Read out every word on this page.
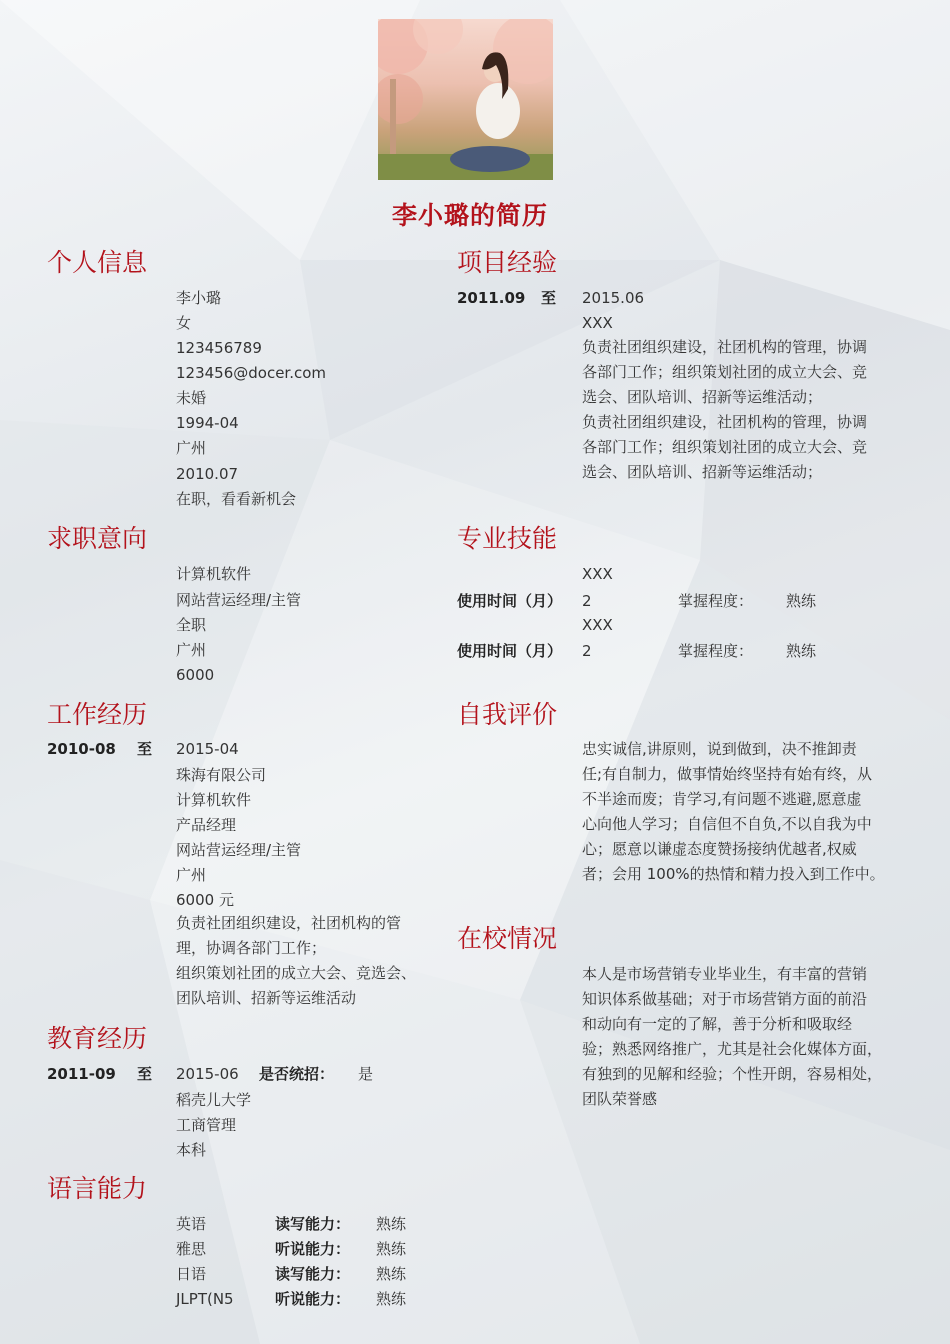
李小璐的简历
个人信息
李小璐
女
123456789
123456@docer.com
未婚
1994-04
广州
2010.07
在职，看看新机会
求职意向
计算机软件
网站营运经理/主管
全职
广州
6000
工作经历
2010-08 至 2015-04
珠海有限公司
计算机软件
产品经理
网站营运经理/主管
广州
6000 元
负责社团组织建设，社团机构的管
理，协调各部门工作；
组织策划社团的成立大会、竞选会、
团队培训、招新等运维活动
教育经历
2011-09 至 2015-06 是否统招： 是
稻壳儿大学
工商管理
本科
语言能力
英语	读写能力： 熟练
雅思	听说能力： 熟练
日语	读写能力： 熟练
JLPT(N5	听说能力： 熟练
项目经验
2011.09 至 2015.06
XXX
负责社团组织建设，社团机构的管理，协调
各部门工作；组织策划社团的成立大会、竞
选会、团队培训、招新等运维活动；
负责社团组织建设，社团机构的管理，协调
各部门工作；组织策划社团的成立大会、竞
选会、团队培训、招新等运维活动；
专业技能
XXX
使用时间（月） 2	掌握程度： 熟练
XXX
使用时间（月） 2	掌握程度： 熟练
自我评价
忠实诚信,讲原则，说到做到，决不推卸责
任;有自制力，做事情始终坚持有始有终，从
不半途而废；肯学习,有问题不逃避,愿意虚
心向他人学习；自信但不自负,不以自我为中
心；愿意以谦虚态度赞扬接纳优越者,权威
者；会用 100%的热情和精力投入到工作中。
在校情况
本人是市场营销专业毕业生，有丰富的营销
知识体系做基础；对于市场营销方面的前沿
和动向有一定的了解，善于分析和吸取经
验；熟悉网络推广，尤其是社会化媒体方面，
有独到的见解和经验；个性开朗，容易相处，
团队荣誉感
